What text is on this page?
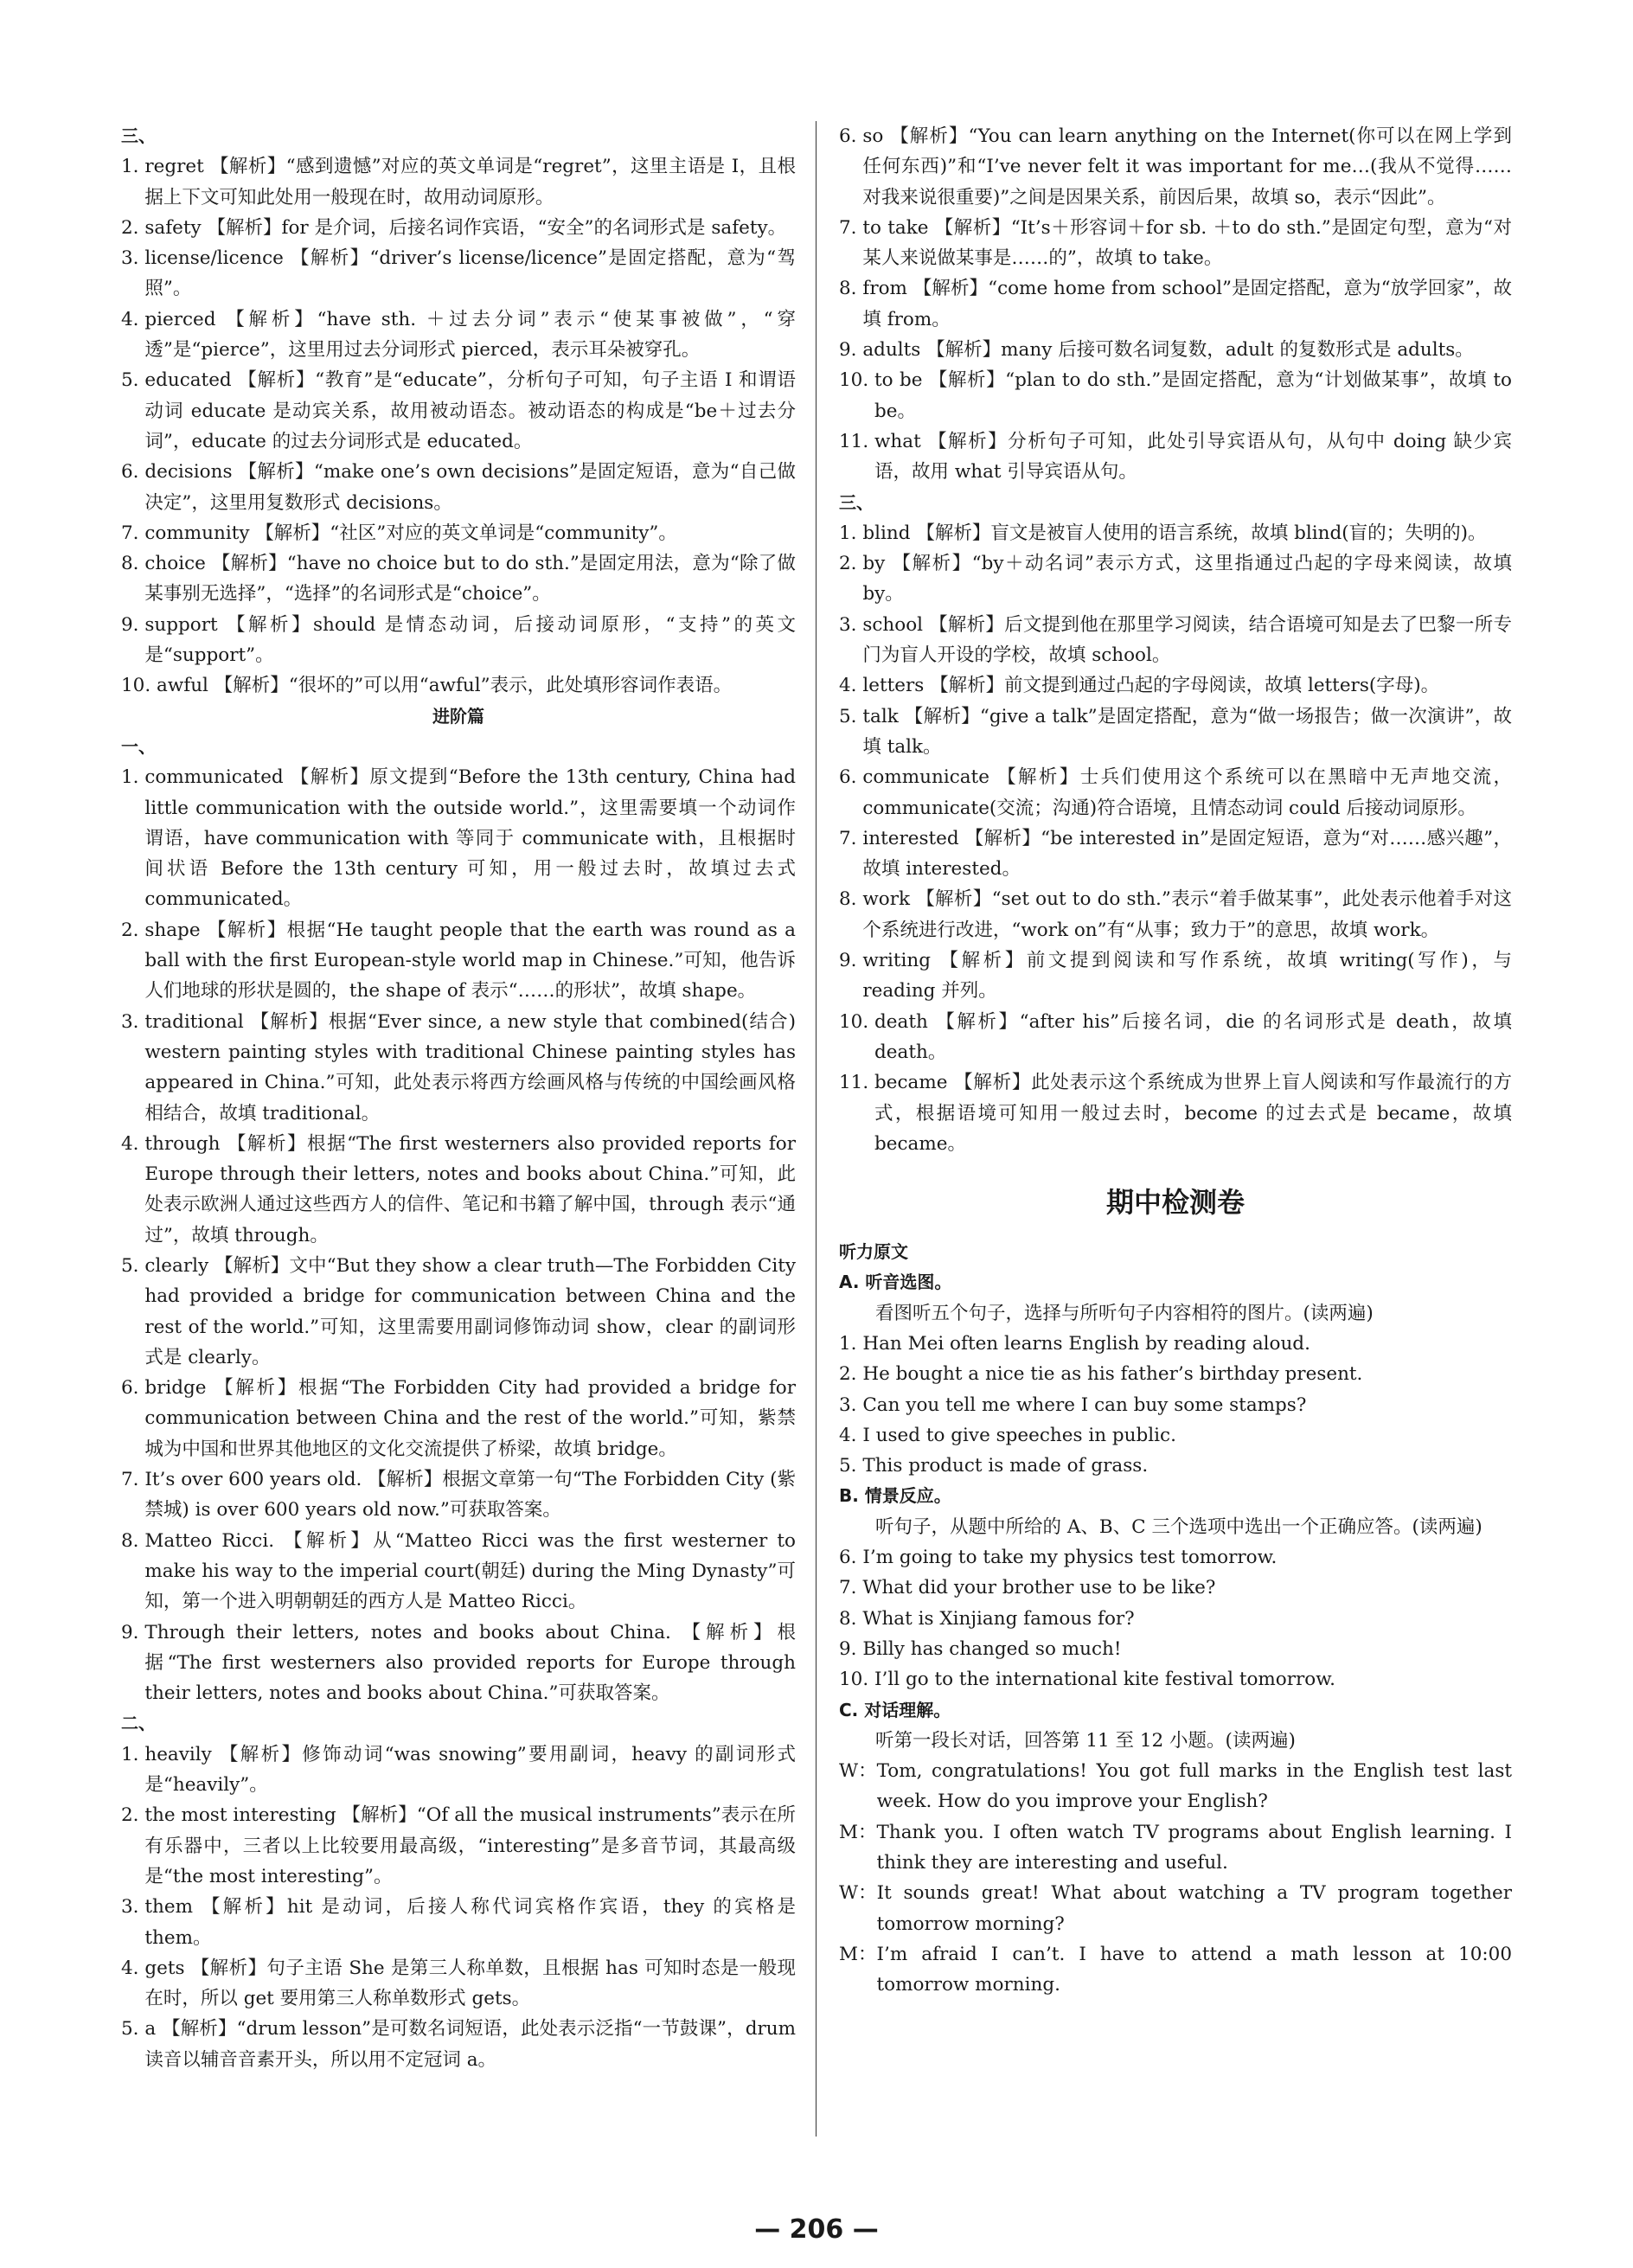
三、
1. regret 【解析】“感到遗憾”对应的英文单词是“regret”，这里主语是 I，且根据上下文可知此处用一般现在时，故用动词原形。
2. safety 【解析】for 是介词，后接名词作宾语，“安全”的名词形式是 safety。
3. license/licence 【解析】“driver’s license/licence”是固定搭配，意为“驾照”。
4. pierced 【解析】“have sth. ＋过去分词”表示“使某事被做”，“穿透”是“pierce”，这里用过去分词形式 pierced，表示耳朵被穿孔。
5. educated 【解析】“教育”是“educate”，分析句子可知，句子主语 I 和谓语动词 educate 是动宾关系，故用被动语态。被动语态的构成是“be＋过去分词”，educate 的过去分词形式是 educated。
6. decisions 【解析】“make one’s own decisions”是固定短语，意为“自己做决定”，这里用复数形式 decisions。
7. community 【解析】“社区”对应的英文单词是“community”。
8. choice 【解析】“have no choice but to do sth.”是固定用法，意为“除了做某事别无选择”，“选择”的名词形式是“choice”。
9. support 【解析】should 是情态动词，后接动词原形，“支持”的英文是“support”。
10. awful 【解析】“很坏的”可以用“awful”表示，此处填形容词作表语。
进阶篇
一、
1. communicated 【解析】原文提到“Before the 13th century, China had little communication with the outside world.”，这里需要填一个动词作谓语，have communication with 等同于 communicate with，且根据时间状语 Before the 13th century 可知，用一般过去时，故填过去式 communicated。
2. shape 【解析】根据“He taught people that the earth was round as a ball with the first European-style world map in Chinese.”可知，他告诉人们地球的形状是圆的，the shape of 表示“……的形状”，故填 shape。
3. traditional 【解析】根据“Ever since, a new style that combined(结合) western painting styles with traditional Chinese painting styles has appeared in China.”可知，此处表示将西方绘画风格与传统的中国绘画风格相结合，故填 traditional。
4. through 【解析】根据“The first westerners also provided reports for Europe through their letters, notes and books about China.”可知，此处表示欧洲人通过这些西方人的信件、笔记和书籍了解中国，through 表示“通过”，故填 through。
5. clearly 【解析】文中“But they show a clear truth—The Forbidden City had provided a bridge for communication between China and the rest of the world.”可知，这里需要用副词修饰动词 show，clear 的副词形式是 clearly。
6. bridge 【解析】根据“The Forbidden City had provided a bridge for communication between China and the rest of the world.”可知，紫禁城为中国和世界其他地区的文化交流提供了桥梁，故填 bridge。
7. It’s over 600 years old. 【解析】根据文章第一句“The Forbidden City (紫禁城) is over 600 years old now.”可获取答案。
8. Matteo Ricci. 【解析】从“Matteo Ricci was the first westerner to make his way to the imperial court(朝廷) during the Ming Dynasty”可知，第一个进入明朝朝廷的西方人是 Matteo Ricci。
9. Through their letters, notes and books about China. 【解析】根据“The first westerners also provided reports for Europe through their letters, notes and books about China.”可获取答案。
二、
1. heavily 【解析】修饰动词“was snowing”要用副词，heavy 的副词形式是“heavily”。
2. the most interesting 【解析】“Of all the musical instruments”表示在所有乐器中，三者以上比较要用最高级，“interesting”是多音节词，其最高级是“the most interesting”。
3. them 【解析】hit 是动词，后接人称代词宾格作宾语，they 的宾格是 them。
4. gets 【解析】句子主语 She 是第三人称单数，且根据 has 可知时态是一般现在时，所以 get 要用第三人称单数形式 gets。
5. a 【解析】“drum lesson”是可数名词短语，此处表示泛指“一节鼓课”，drum 读音以辅音音素开头，所以用不定冠词 a。
6. so 【解析】“You can learn anything on the Internet(你可以在网上学到任何东西)”和“I’ve never felt it was important for me…(我从不觉得……对我来说很重要)”之间是因果关系，前因后果，故填 so，表示“因此”。
7. to take 【解析】“It’s＋形容词＋for sb. ＋to do sth.”是固定句型，意为“对某人来说做某事是……的”，故填 to take。
8. from 【解析】“come home from school”是固定搭配，意为“放学回家”，故填 from。
9. adults 【解析】many 后接可数名词复数，adult 的复数形式是 adults。
10. to be 【解析】“plan to do sth.”是固定搭配，意为“计划做某事”，故填 to be。
11. what 【解析】分析句子可知，此处引导宾语从句，从句中 doing 缺少宾语，故用 what 引导宾语从句。
三、
1. blind 【解析】盲文是被盲人使用的语言系统，故填 blind(盲的；失明的)。
2. by 【解析】“by＋动名词”表示方式，这里指通过凸起的字母来阅读，故填 by。
3. school 【解析】后文提到他在那里学习阅读，结合语境可知是去了巴黎一所专门为盲人开设的学校，故填 school。
4. letters 【解析】前文提到通过凸起的字母阅读，故填 letters(字母)。
5. talk 【解析】“give a talk”是固定搭配，意为“做一场报告；做一次演讲”，故填 talk。
6. communicate 【解析】士兵们使用这个系统可以在黑暗中无声地交流，communicate(交流；沟通)符合语境，且情态动词 could 后接动词原形。
7. interested 【解析】“be interested in”是固定短语，意为“对……感兴趣”，故填 interested。
8. work 【解析】“set out to do sth.”表示“着手做某事”，此处表示他着手对这个系统进行改进，“work on”有“从事；致力于”的意思，故填 work。
9. writing 【解析】前文提到阅读和写作系统，故填 writing(写作)，与 reading 并列。
10. death 【解析】“after his”后接名词，die 的名词形式是 death，故填 death。
11. became 【解析】此处表示这个系统成为世界上盲人阅读和写作最流行的方式，根据语境可知用一般过去时，become 的过去式是 became，故填 became。
期中检测卷
听力原文
A. 听音选图。
看图听五个句子，选择与所听句子内容相符的图片。(读两遍)
1. Han Mei often learns English by reading aloud.
2. He bought a nice tie as his father’s birthday present.
3. Can you tell me where I can buy some stamps?
4. I used to give speeches in public.
5. This product is made of grass.
B. 情景反应。
听句子，从题中所给的 A、B、C 三个选项中选出一个正确应答。(读两遍)
6. I’m going to take my physics test tomorrow.
7. What did your brother use to be like?
8. What is Xinjiang famous for?
9. Billy has changed so much!
10. I’ll go to the international kite festival tomorrow.
C. 对话理解。
听第一段长对话，回答第 11 至 12 小题。(读两遍)
W： Tom, congratulations! You got full marks in the English test last week. How do you improve your English?
M： Thank you. I often watch TV programs about English learning. I think they are interesting and useful.
W： It sounds great! What about watching a TV program together tomorrow morning?
M： I’m afraid I can’t. I have to attend a math lesson at 10:00 tomorrow morning.
— 206 —
